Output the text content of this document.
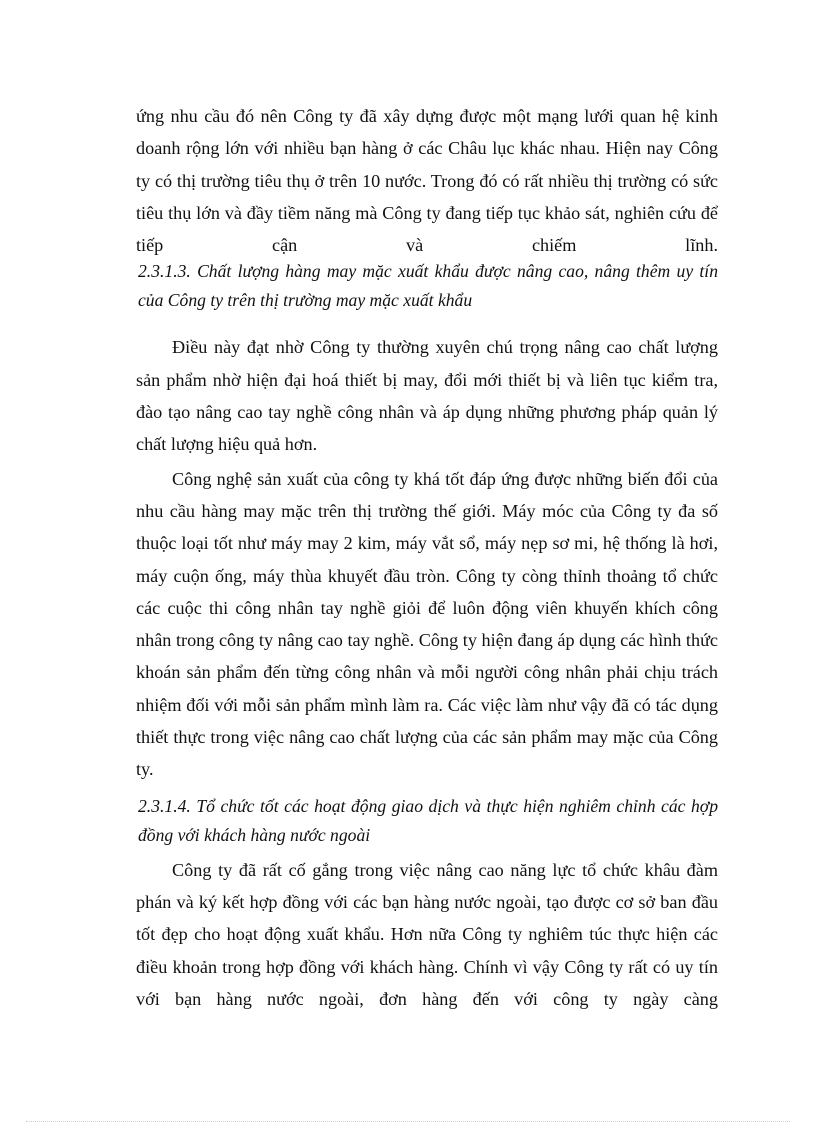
ứng nhu cầu đó nên Công ty đã xây dựng được một mạng lưới quan hệ kinh doanh rộng lớn với nhiều bạn hàng ở các Châu lục khác nhau. Hiện nay Công ty có thị trường tiêu thụ ở trên 10 nước. Trong đó có rất nhiều thị trường có sức tiêu thụ lớn và đầy tiềm năng mà Công ty đang tiếp tục khảo sát, nghiên cứu để tiếp cận và chiếm lĩnh.

2.3.1.3. Chất lượng hàng may mặc xuất khẩu được nâng cao, nâng thêm uy tín của Công ty trên thị trường may mặc xuất khẩu

Điều này đạt nhờ Công ty thường xuyên chú trọng nâng cao chất lượng sản phẩm nhờ hiện đại hoá thiết bị may, đổi mới thiết bị và liên tục kiểm tra, đào tạo nâng cao tay nghề công nhân và áp dụng những phương pháp quản lý chất lượng hiệu quả hơn.

Công nghệ sản xuất của công ty khá tốt đáp ứng được những biến đổi của nhu cầu hàng may mặc trên thị trường thế giới. Máy móc của Công ty đa số thuộc loại tốt như máy may 2 kim, máy vắt sổ, máy nẹp sơ mi, hệ thống là hơi, máy cuộn ống, máy thùa khuyết đầu tròn. Công ty còng thỉnh thoảng tổ chức các cuộc thi công nhân tay nghề giỏi để luôn động viên khuyến khích công nhân trong công ty nâng cao tay nghề. Công ty hiện đang áp dụng các hình thức khoán sản phẩm đến từng công nhân và mỗi người công nhân phải chịu trách nhiệm đối với mỗi sản phẩm mình làm ra. Các việc làm như vậy đã có tác dụng thiết thực trong việc nâng cao chất lượng của các sản phẩm may mặc của Công ty.

2.3.1.4. Tổ chức tốt các hoạt động giao dịch và thực hiện nghiêm chỉnh các hợp đồng với khách hàng nước ngoài

Công ty đã rất cố gắng trong việc nâng cao năng lực tổ chức khâu đàm phán và ký kết hợp đồng với các bạn hàng nước ngoài, tạo được cơ sở ban đầu tốt đẹp cho hoạt động xuất khẩu. Hơn nữa Công ty nghiêm túc thực hiện các điều khoản trong hợp đồng với khách hàng. Chính vì vậy Công ty rất có uy tín với bạn hàng nước ngoài, đơn hàng đến với công ty ngày càng
